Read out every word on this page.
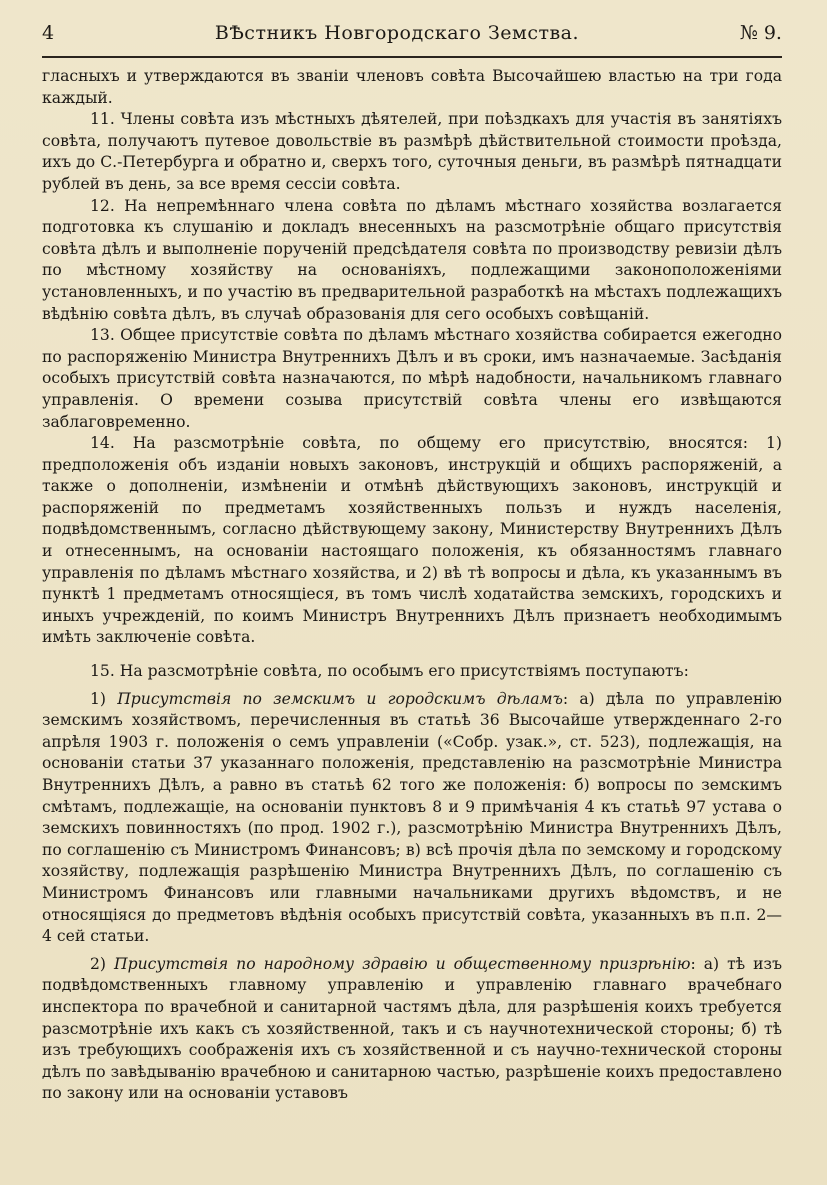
4	ВѢстникъ Новгородскаго Земства.	№ 9.

гласныхъ и утверждаются въ званіи членовъ совѣта Высочайшею властью на три года каждый.

11. Члены совѣта изъ мѣстныхъ дѣятелей, при поѣздкахъ для участія въ занятіяхъ совѣта, получаютъ путевое довольствіе въ размѣрѣ дѣйствительной стоимости проѣзда, ихъ до С.-Петербурга и обратно и, сверхъ того, суточныя деньги, въ размѣрѣ пятнадцати рублей въ день, за все время сессіи совѣта.

12. На непремѣннаго члена совѣта по дѣламъ мѣстнаго хозяйства возлагается подготовка къ слушанію и докладъ внесенныхъ на разсмотрѣніе общаго присутствія совѣта дѣлъ и выполненіе порученій предсѣдателя совѣта по производству ревизіи дѣлъ по мѣстному хозяйству на основаніяхъ, подлежащими законоположеніями установленныхъ, и по участію въ предварительной разработкѣ на мѣстахъ подлежащихъ вѣдѣнію совѣта дѣлъ, въ случаѣ образованія для сего особыхъ совѣщаній.

13. Общее присутствіе совѣта по дѣламъ мѣстнаго хозяйства собирается ежегодно по распоряженію Министра Внутреннихъ Дѣлъ и въ сроки, имъ назначаемые. Засѣданія особыхъ присутствій совѣта назначаются, по мѣрѣ надобности, начальникомъ главнаго управленія. О времени созыва присутствій совѣта члены его извѣщаются заблаговременно.

14. На разсмотрѣніе совѣта, по общему его присутствію, вносятся: 1) предположенія объ изданіи новыхъ законовъ, инструкцій и общихъ распоряженій, а также о дополненіи, измѣненіи и отмѣнѣ дѣйствующихъ законовъ, инструкцій и распоряженій по предметамъ хозяйственныхъ пользъ и нуждъ населенія, подвѣдомственнымъ, согласно дѣйствующему закону, Министерству Внутреннихъ Дѣлъ и отнесеннымъ, на основаніи настоящаго положенія, къ обязанностямъ главнаго управленія по дѣламъ мѣстнаго хозяйства, и 2) вѣ тѣ вопросы и дѣла, къ указаннымъ въ пунктѣ 1 предметамъ относящіеся, въ томъ числѣ ходатайства земскихъ, городскихъ и иныхъ учрежденій, по коимъ Министръ Внутреннихъ Дѣлъ признаетъ необходимымъ имѣть заключеніе совѣта.

15. На разсмотрѣніе совѣта, по особымъ его присутствіямъ поступаютъ:

1) Присутствія по земскимъ и городскимъ дѣламъ: а) дѣла по управленію земскимъ хозяйствомъ, перечисленныя въ статьѣ 36 Высочайше утвержденнаго 2-го апрѣля 1903 г. положенія о семъ управленіи («Собр. узак.», ст. 523), подлежащія, на основаніи статьи 37 указаннаго положенія, представленію на разсмотрѣніе Министра Внутреннихъ Дѣлъ, а равно въ статьѣ 62 того же положенія: б) вопросы по земскимъ смѣтамъ, подлежащіе, на основаніи пунктовъ 8 и 9 примѣчанія 4 къ статьѣ 97 устава о земскихъ повинностяхъ (по прод. 1902 г.), разсмотрѣнію Министра Внутреннихъ Дѣлъ, по соглашенію съ Министромъ Финансовъ; в) всѣ прочія дѣла по земскому и городскому хозяйству, подлежащія разрѣшенію Министра Внутреннихъ Дѣлъ, по соглашенію съ Министромъ Финансовъ или главными начальниками другихъ вѣдомствъ, и не относящіяся до предметовъ вѣдѣнія особыхъ присутствій совѣта, указанныхъ въ п.п. 2—4 сей статьи.

2) Присутствія по народному здравію и общественному призрѣнію: а) тѣ изъ подвѣдомственныхъ главному управленію и управленію главнаго врачебнаго инспектора по врачебной и санитарной частямъ дѣла, для разрѣшенія коихъ требуется разсмотрѣніе ихъ какъ съ хозяйственной, такъ и съ научнотехнической стороны; б) тѣ изъ требующихъ соображенія ихъ съ хозяйственной и съ научно-технической стороны дѣлъ по завѣдыванію врачебною и санитарною частью, разрѣшеніе коихъ предоставлено по закону или на основаніи уставовъ
